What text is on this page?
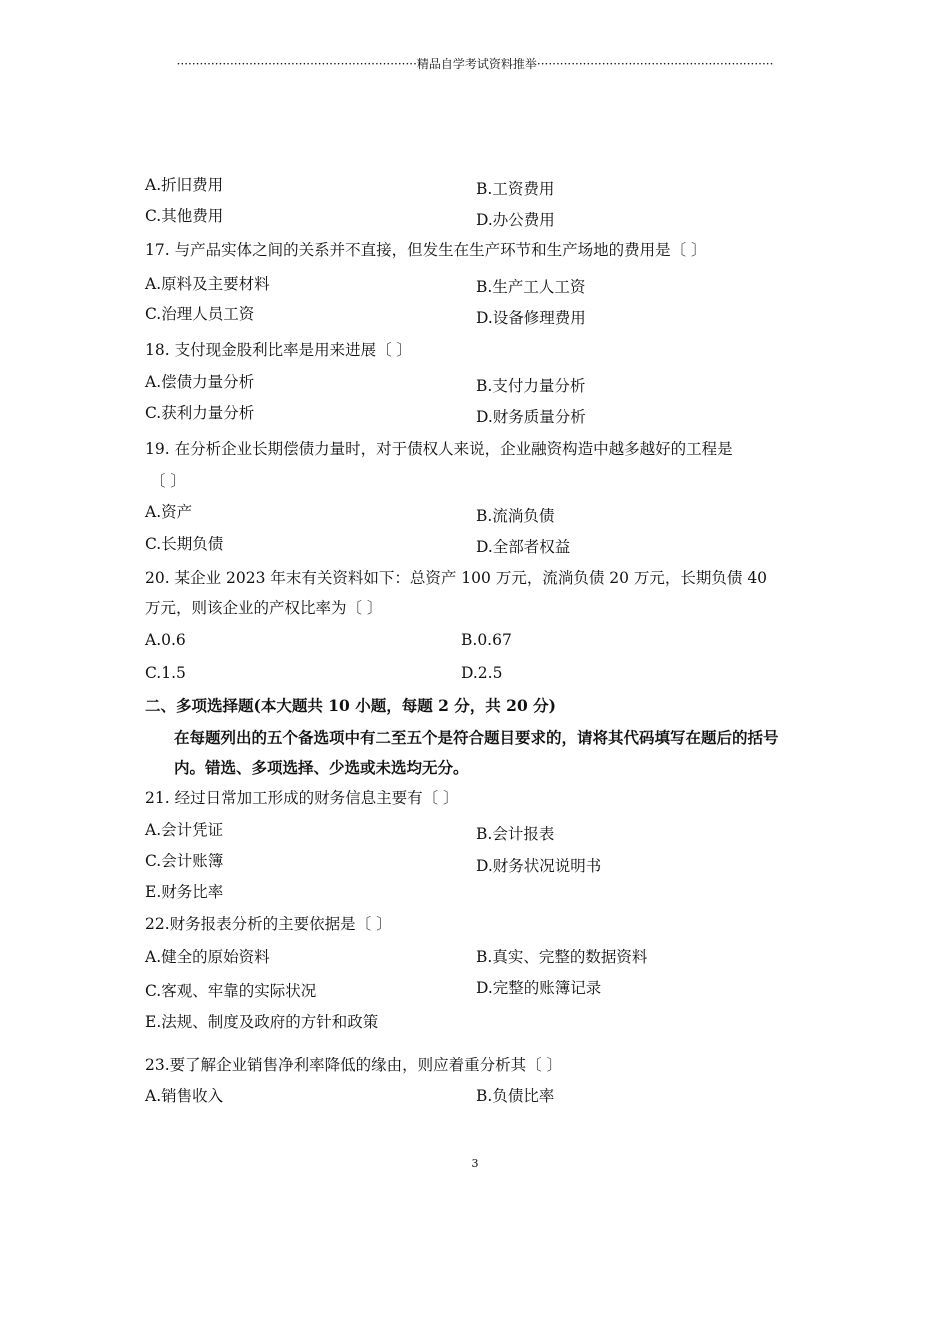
·······························································精品自学考试资料推举······························································
A.折旧费用	B.工资费用
C.其他费用	D.办公费用
17. 与产品实体之间的关系并不直接，但发生在生产环节和生产场地的费用是〔 〕
A.原料及主要材料	B.生产工人工资
C.治理人员工资	D.设备修理费用
18. 支付现金股利比率是用来进展〔 〕
A.偿债力量分析	B.支付力量分析
C.获利力量分析	D.财务质量分析
19. 在分析企业长期偿债力量时，对于债权人来说，企业融资构造中越多越好的工程是
〔 〕
A.资产	B.流淌负债
C.长期负债	D.全部者权益
20. 某企业 2023 年末有关资料如下：总资产 100 万元，流淌负债 20 万元，长期负债 40
万元，则该企业的产权比率为〔 〕
A.0.6	B.0.67
C.1.5	D.2.5
二、多项选择题(本大题共 10 小题，每题 2 分，共 20 分)
在每题列出的五个备选项中有二至五个是符合题目要求的，请将其代码填写在题后的括号
内。错选、多项选择、少选或未选均无分。
21. 经过日常加工形成的财务信息主要有〔 〕
A.会计凭证	B.会计报表
C.会计账簿	D.财务状况说明书
E.财务比率
22.财务报表分析的主要依据是〔 〕
A.健全的原始资料	B.真实、完整的数据资料
C.客观、牢靠的实际状况	D.完整的账簿记录
E.法规、制度及政府的方针和政策
23.要了解企业销售净利率降低的缘由，则应着重分析其〔 〕
A.销售收入	B.负债比率
3
